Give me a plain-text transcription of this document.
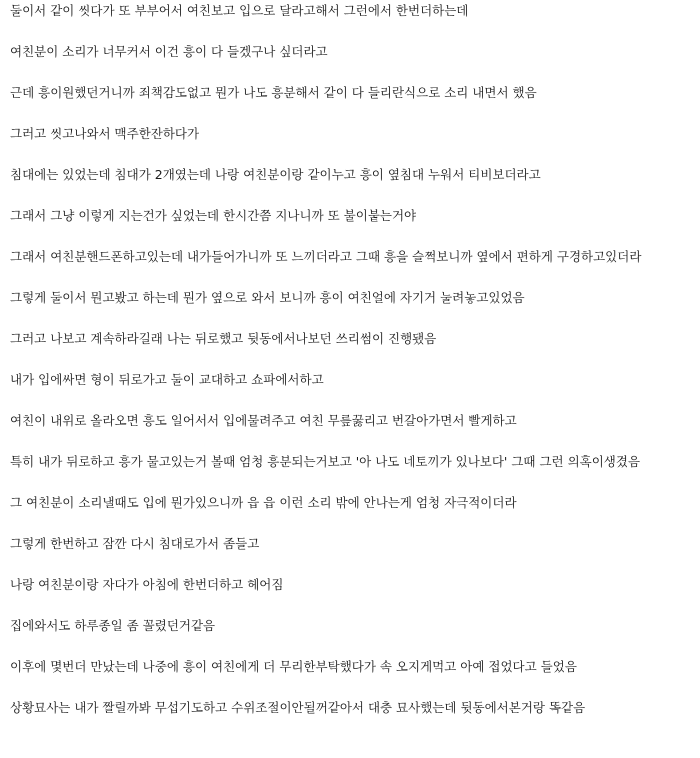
둘이서 같이 씻다가 또 부부어서 여친보고 입으로 달라고해서 그런에서 한번더하는데
여친분이 소리가 너무커서 이건 흥이 다 들겠구나 싶더라고
근데 흥이원했던거니까 죄책감도없고 뭔가 나도 흥분해서 같이 다 들리란식으로 소리 내면서 했음
그러고 씻고나와서 맥주한잔하다가
침대에는 있었는데 침대가 2개였는데 나랑 여친분이랑 같이누고 흥이 옆침대 누워서 티비보더라고
그래서 그냥 이렇게 지는건가 싶었는데 한시간쯤 지나니까 또 불이붙는거야
그래서 여친분핸드폰하고있는데 내가들어가니까 또 느끼더라고 그때 흥을 슬쩍보니까 옆에서 편하게 구경하고있더라
그렇게 둘이서 뭔고봤고 하는데 뭔가 옆으로 와서 보니까 흥이 여친얼에 자기거 눌려놓고있었음
그러고 나보고 계속하라길래 나는 뒤로했고 뒷동에서나보던 쓰리썸이 진행됐음
내가 입에싸면 형이 뒤로가고 둘이 교대하고 쇼파에서하고
여친이 내위로 올라오면 흥도 일어서서 입에물려주고 여친 무릎꿇리고 번갈아가면서 빨게하고
특히 내가 뒤로하고 흥가 물고있는거 볼때 엄청 흥분되는거보고 '아 나도 네토끼가 있나보다' 그때 그런 의혹이생겼음
그 여친분이 소리낼때도 입에 뭔가있으니까 읍 읍 이런 소리 밖에 안나는게 엄청 자극적이더라
그렇게 한번하고 잠깐 다시 침대로가서 좀들고
나랑 여친분이랑 자다가 아침에 한번더하고 헤어짐
집에와서도 하루종일 좀 꼴렸던거같음
이후에 몇번더 만났는데 나중에 흥이 여친에게 더 무리한부탁했다가 속 오지게먹고 아예 접었다고 들었음
상황묘사는 내가 짤릴까봐 무섭기도하고 수위조절이안될꺼같아서 대충 묘사했는데 뒷동에서본거랑 똑같음
